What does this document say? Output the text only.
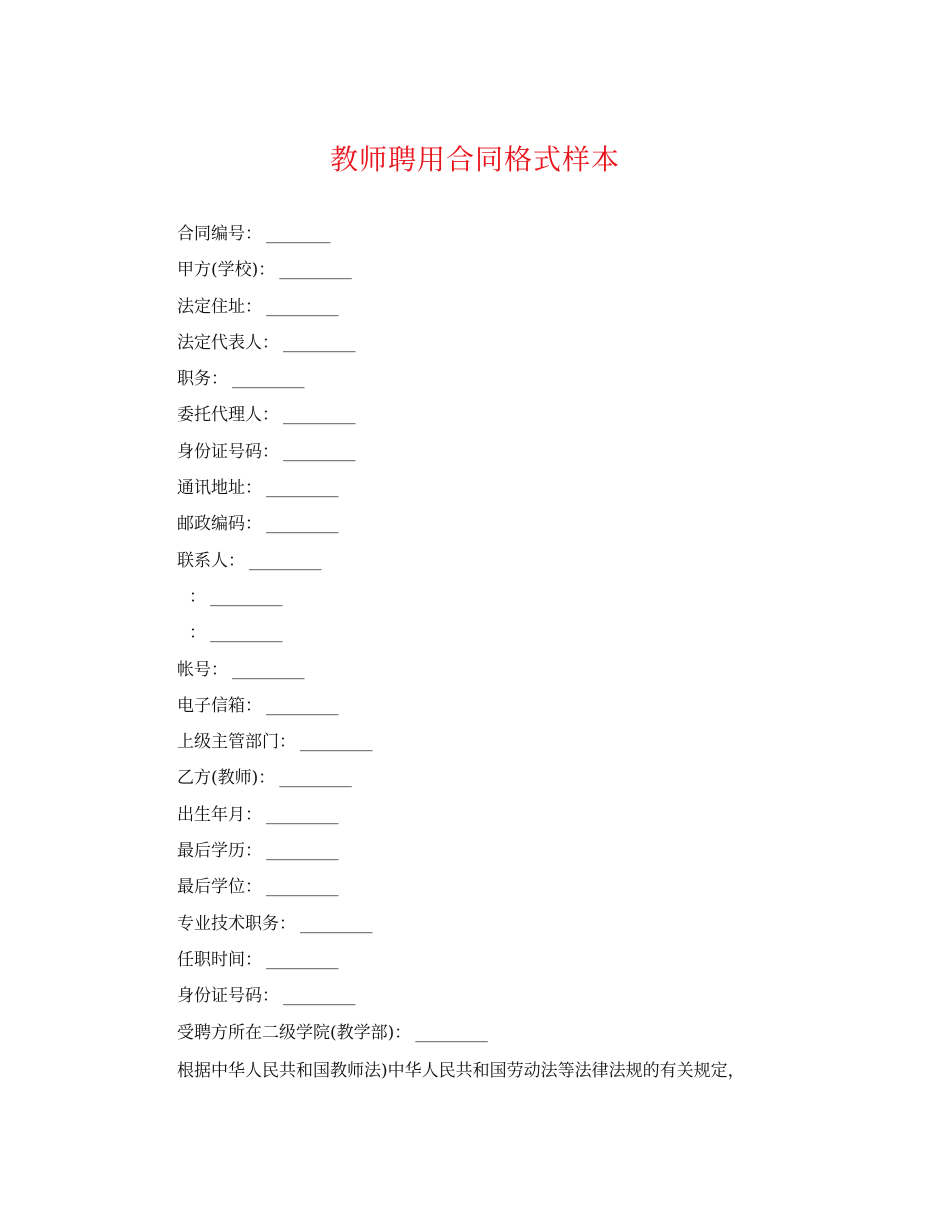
教师聘用合同格式样本
合同编号： ________
甲方(学校)： _________
法定住址： _________
法定代表人： _________
职务： _________
委托代理人： _________
身份证号码： _________
通讯地址： _________
邮政编码： _________
联系人： _________
： _________
： _________
帐号： _________
电子信箱： _________
上级主管部门： _________
乙方(教师)： _________
出生年月： _________
最后学历： _________
最后学位： _________
专业技术职务： _________
任职时间： _________
身份证号码： _________
受聘方所在二级学院(教学部)： _________
根据中华人民共和国教师法)中华人民共和国劳动法等法律法规的有关规定，
